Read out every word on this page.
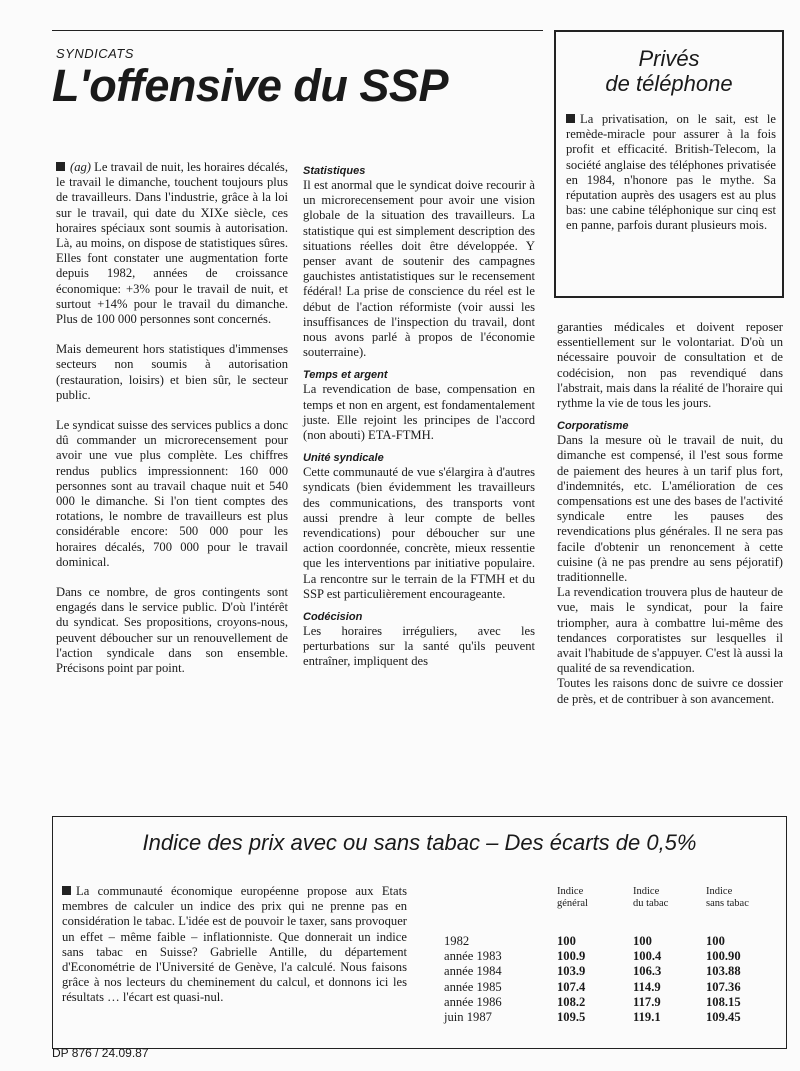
SYNDICATS
L'offensive du SSP
Privés
de téléphone
La privatisation, on le sait, est le remède-miracle pour assurer à la fois profit et efficacité. British-Telecom, la société anglaise des téléphones privatisée en 1984, n'honore pas le mythe. Sa réputation auprès des usagers est au plus bas: une cabine téléphonique sur cinq est en panne, parfois durant plusieurs mois.

(ag) Le travail de nuit, les horaires décalés, le travail le dimanche, touchent toujours plus de travailleurs. Dans l'industrie, grâce à la loi sur le travail, qui date du XIXe siècle, ces horaires spéciaux sont soumis à autorisation. Là, au moins, on dispose de statistiques sûres. Elles font constater une augmentation forte depuis 1982, années de croissance économique: +3% pour le travail de nuit, et surtout +14% pour le travail du dimanche. Plus de 100 000 personnes sont concernés.

Mais demeurent hors statistiques d'immenses secteurs non soumis à autorisation (restauration, loisirs) et bien sûr, le secteur public.

Le syndicat suisse des services publics a donc dû commander un microrecensement pour avoir une vue plus complète. Les chiffres rendus publics impressionnent: 160 000 personnes sont au travail chaque nuit et 540 000 le dimanche. Si l'on tient comptes des rotations, le nombre de travailleurs est plus considérable encore: 500 000 pour les horaires décalés, 700 000 pour le travail dominical.

Dans ce nombre, de gros contingents sont engagés dans le service public. D'où l'intérêt du syndicat. Ses propositions, croyons-nous, peuvent déboucher sur un renouvellement de l'action syndicale dans son ensemble. Précisons point par point.

Statistiques
Il est anormal que le syndicat doive recourir à un microrecensement pour avoir une vision globale de la situation des travailleurs. La statistique qui est simplement description des situations réelles doit être développée. Y penser avant de soutenir des campagnes gauchistes antistatistiques sur le recensement fédéral! La prise de conscience du réel est le début de l'action réformiste (voir aussi les insuffisances de l'inspection du travail, dont nous avons parlé à propos de l'économie souterraine).
Temps et argent
La revendication de base, compensation en temps et non en argent, est fondamentalement juste. Elle rejoint les principes de l'accord (non abouti) ETA-FTMH.
Unité syndicale
Cette communauté de vue s'élargira à d'autres syndicats (bien évidemment les travailleurs des communications, des transports vont aussi prendre à leur compte de belles revendications) pour déboucher sur une action coordonnée, concrète, mieux ressentie que les interventions par initiative populaire. La rencontre sur le terrain de la FTMH et du SSP est particulièrement encourageante.
Codécision
Les horaires irréguliers, avec les perturbations sur la santé qu'ils peuvent entraîner, impliquent des
garanties médicales et doivent reposer essentiellement sur le volontariat. D'où un nécessaire pouvoir de consultation et de codécision, non pas revendiqué dans l'abstrait, mais dans la réalité de l'horaire qui rythme la vie de tous les jours.
Corporatisme
Dans la mesure où le travail de nuit, du dimanche est compensé, il l'est sous forme de paiement des heures à un tarif plus fort, d'indemnités, etc. L'amélioration de ces compensations est une des bases de l'activité syndicale entre les pauses des revendications plus générales. Il ne sera pas facile d'obtenir un renoncement à cette cuisine (à ne pas prendre au sens péjoratif) traditionnelle.
La revendication trouvera plus de hauteur de vue, mais le syndicat, pour la faire triompher, aura à combattre lui-même des tendances corporatistes sur lesquelles il avait l'habitude de s'appuyer. C'est là aussi la qualité de sa revendication.
Toutes les raisons donc de suivre ce dossier de près, et de contribuer à son avancement.
Indice des prix avec ou sans tabac – Des écarts de 0,5%
La communauté économique européenne propose aux Etats membres de calculer un indice des prix qui ne prenne pas en considération le tabac. L'idée est de pouvoir le taxer, sans provoquer un effet – même faible – inflationniste. Que donnerait un indice sans tabac en Suisse? Gabrielle Antille, du département d'Econométrie de l'Université de Genève, l'a calculé. Nous faisons grâce à nos lecteurs du cheminement du calcul, et donnons ici les résultats … l'écart est quasi-nul.
Indice
général
Indice
du tabac
Indice
sans tabac
1982	100	100	100
année 1983	100.9	100.4	100.90
année 1984	103.9	106.3	103.88
année 1985	107.4	114.9	107.36
année 1986	108.2	117.9	108.15
juin 1987	109.5	119.1	109.45
DP 876 / 24.09.87
